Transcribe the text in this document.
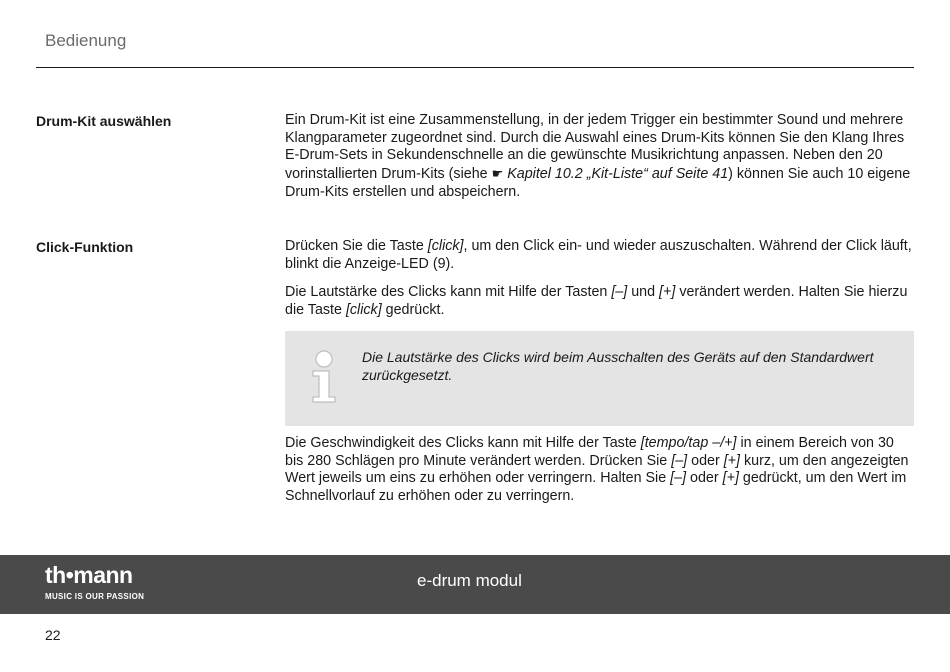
Bedienung
Drum-Kit auswählen	Ein Drum-Kit ist eine Zusammenstellung, in der jedem Trigger ein bestimmter Sound und mehrere Klangparameter zugeordnet sind. Durch die Auswahl eines Drum-Kits können Sie den Klang Ihres E-Drum-Sets in Sekundenschnelle an die gewünschte Musikrichtung anpassen. Neben den 20 vorinstallierten Drum-Kits (siehe ☛ Kapitel 10.2 „Kit-Liste“ auf Seite 41) können Sie auch 10 eigene Drum-Kits erstellen und abspeichern.

Click-Funktion	Drücken Sie die Taste [click], um den Click ein- und wieder auszuschalten. Während der Click läuft, blinkt die Anzeige-LED (9).

Die Lautstärke des Clicks kann mit Hilfe der Tasten [–] und [+] verändert werden. Halten Sie hierzu die Taste [click] gedrückt.

Die Lautstärke des Clicks wird beim Ausschalten des Geräts auf den Standardwert zurückgesetzt.

Die Geschwindigkeit des Clicks kann mit Hilfe der Taste [tempo/tap –/+] in einem Bereich von 30 bis 280 Schlägen pro Minute verändert werden. Drücken Sie [–] oder [+] kurz, um den angezeigten Wert jeweils um eins zu erhöhen oder verringern. Halten Sie [–] oder [+] gedrückt, um den Wert im Schnellvorlauf zu erhöhen oder zu verringern.

th•mann
MUSIC IS OUR PASSION
e-drum modul
22
